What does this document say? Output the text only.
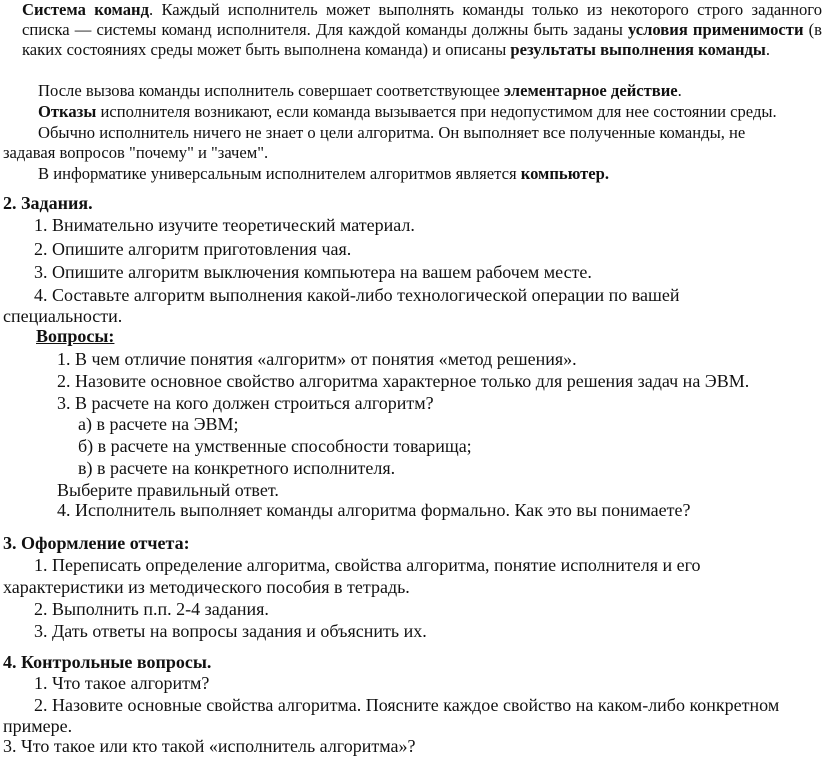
Система команд. Каждый исполнитель может выполнять команды только из некоторого строго заданного списка — системы команд исполнителя. Для каждой команды должны быть заданы условия применимости (в каких состояниях среды может быть выполнена команда) и описаны результаты выполнения команды.
После вызова команды исполнитель совершает соответствующее элементарное действие.
Отказы исполнителя возникают, если команда вызывается при недопустимом для нее состоянии среды.
Обычно исполнитель ничего не знает о цели алгоритма. Он выполняет все полученные команды, не
задавая вопросов "почему" и "зачем".
В информатике универсальным исполнителем алгоритмов является компьютер.
2. Задания.
1. Внимательно изучите теоретический материал.
2. Опишите алгоритм приготовления чая.
3. Опишите алгоритм выключения компьютера на вашем рабочем месте.
4. Составьте алгоритм выполнения какой-либо технологической операции по вашей
специальности.
Вопросы:
1. В чем отличие понятия «алгоритм» от понятия «метод решения».
2. Назовите основное свойство алгоритма характерное только для решения задач на ЭВМ.
3. В расчете на кого должен строиться алгоритм?
а) в расчете на ЭВМ;
б) в расчете на умственные способности товарища;
в) в расчете на конкретного исполнителя.
Выберите правильный ответ.
4. Исполнитель выполняет команды алгоритма формально. Как это вы понимаете?
3. Оформление отчета:
1. Переписать определение алгоритма, свойства алгоритма, понятие исполнителя и его
характеристики из методического пособия в тетрадь.
2. Выполнить п.п. 2-4 задания.
3. Дать ответы на вопросы задания и объяснить их.
4. Контрольные вопросы.
1. Что такое алгоритм?
2. Назовите основные свойства алгоритма. Поясните каждое свойство на каком-либо конкретном
примере.
3. Что такое или кто такой «исполнитель алгоритма»?
